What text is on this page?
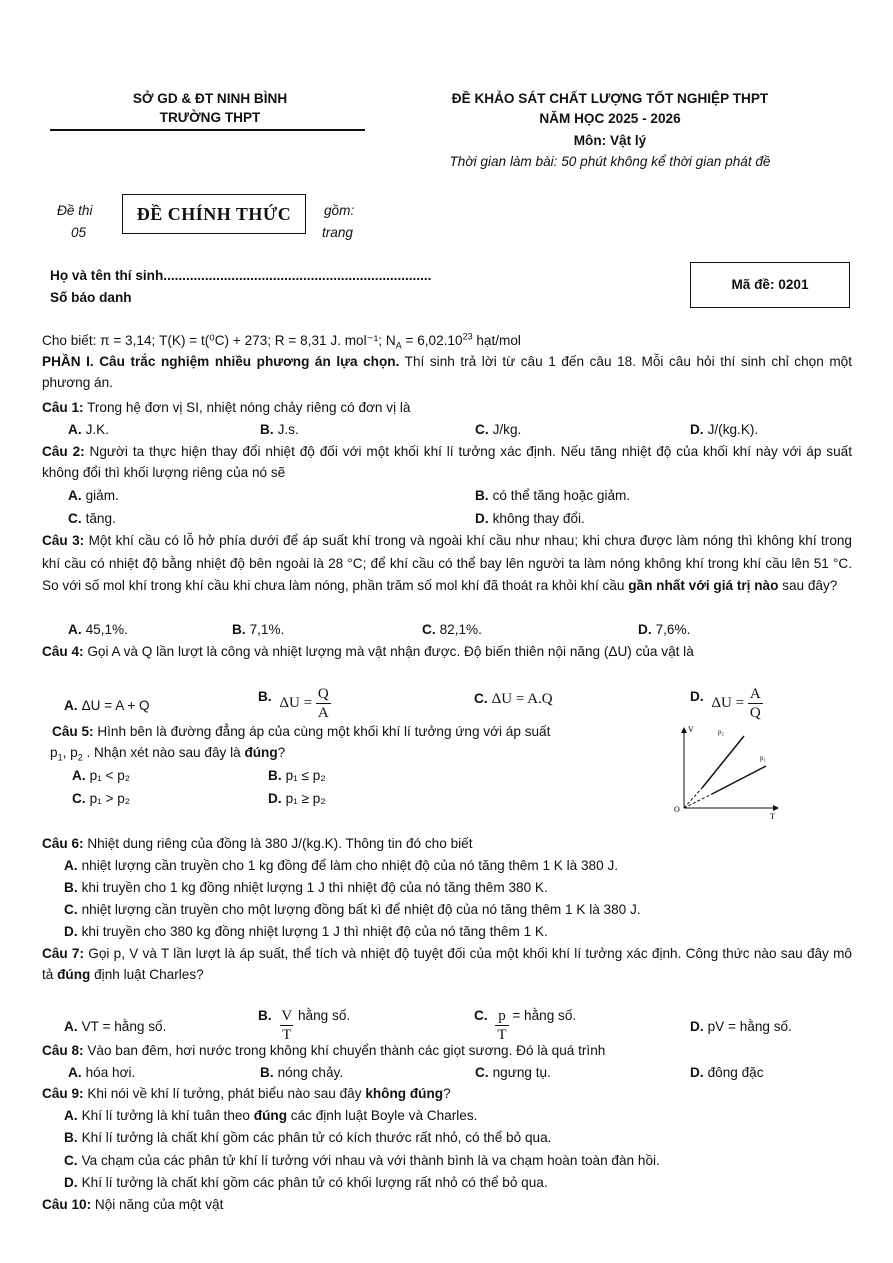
SỞ GD & ĐT NINH BÌNH
TRƯỜNG THPT
ĐỀ KHẢO SÁT CHẤT LƯỢNG TỐT NGHIỆP THPT
NĂM HỌC 2025 - 2026
Môn: Vật lý
Thời gian làm bài: 50 phút không kể thời gian phát đề
Đề thi
05
ĐỀ CHÍNH THỨC	gồm:
trang
Họ và tên thí sinh.......................................................................
Số báo danh
Mã đề: 0201
Cho biết: π = 3,14; T(K) = t(⁰C) + 273; R = 8,31 J. mol⁻¹; $N_A = 6,02.10^{23}$ hạt/mol
PHẦN I. Câu trắc nghiệm nhiều phương án lựa chọn. Thí sinh trả lời từ câu 1 đến câu 18. Mỗi câu hỏi thí sinh chỉ chọn một phương án.
Câu 1: Trong hệ đơn vị SI, nhiệt nóng chảy riêng có đơn vị là
A. J.K.	B. J.s.	C. J/kg.	D. J/(kg.K).
Câu 2: Người ta thực hiện thay đổi nhiệt độ đối với một khối khí lí tưởng xác định. Nếu tăng nhiệt độ của khối khí này với áp suất không đổi thì khối lượng riêng của nó sẽ
A. giảm.	B. có thể tăng hoặc giảm.
C. tăng.	D. không thay đổi.
Câu 3: Một khí cầu có lỗ hở phía dưới để áp suất khí trong và ngoài khí cầu như nhau; khi chưa được làm nóng thì không khí trong khí cầu có nhiệt độ bằng nhiệt độ bên ngoài là 28 °C; để khí cầu có thể bay lên người ta làm nóng không khí trong khí cầu lên 51 °C. So với số mol khí trong khí cầu khi chưa làm nóng, phần trăm số mol khí đã thoát ra khỏi khí cầu gần nhất với giá trị nào sau đây?
A. 45,1%.	B. 7,1%.	C. 82,1%.	D. 7,6%.
Câu 4: Gọi A và Q lần lượt là công và nhiệt lượng mà vật nhận được. Độ biến thiên nội năng (ΔU) của vật là
A. ΔU = A + Q
B. $\Delta U = \frac{Q}{A}$	C. ΔU = A.Q	D. $\Delta U = \frac{A}{Q}$
Câu 5: Hình bên là đường đẳng áp của cùng một khối khí lí tưởng ứng với áp suất
$p_1$, $p_2$ . Nhận xét nào sau đây là đúng?
A. p₁ < p₂	B. p₁ ≤ p₂
C. p₁ > p₂	D. p₁ ≥ p₂
V
T
O
p₂
p₁
Câu 6: Nhiệt dung riêng của đồng là 380 J/(kg.K). Thông tin đó cho biết
A. nhiệt lượng cần truyền cho 1 kg đồng để làm cho nhiệt độ của nó tăng thêm 1 K là 380 J.
B. khi truyền cho 1 kg đồng nhiệt lượng 1 J thì nhiệt độ của nó tăng thêm 380 K.
C. nhiệt lượng cần truyền cho một lượng đồng bất kì để nhiệt độ của nó tăng thêm 1 K là 380 J.
D. khi truyền cho 380 kg đồng nhiệt lượng 1 J thì nhiệt độ của nó tăng thêm 1 K.
Câu 7: Gọi p, V và T lần lượt là áp suất, thể tích và nhiệt độ tuyệt đối của một khối khí lí tưởng xác định. Công thức nào sau đây mô tả đúng định luật Charles?
A. VT = hằng số.
B. $\frac{V}{T}$ hằng số.	C. $\frac{p}{T}$ = hằng số.
D. pV = hằng số.
Câu 8: Vào ban đêm, hơi nước trong không khí chuyển thành các giọt sương. Đó là quá trình
A. hóa hơi.	B. nóng chảy.	C. ngưng tụ.	D. đông đặc
Câu 9: Khi nói về khí lí tưởng, phát biểu nào sau đây không đúng?
A. Khí lí tưởng là khí tuân theo đúng các định luật Boyle và Charles.
B. Khí lí tưởng là chất khí gồm các phân tử có kích thước rất nhỏ, có thể bỏ qua.
C. Va chạm của các phân tử khí lí tưởng với nhau và với thành bình là va chạm hoàn toàn đàn hồi.
D. Khí lí tưởng là chất khí gồm các phân tử có khối lượng rất nhỏ có thể bỏ qua.
Câu 10: Nội năng của một vật
